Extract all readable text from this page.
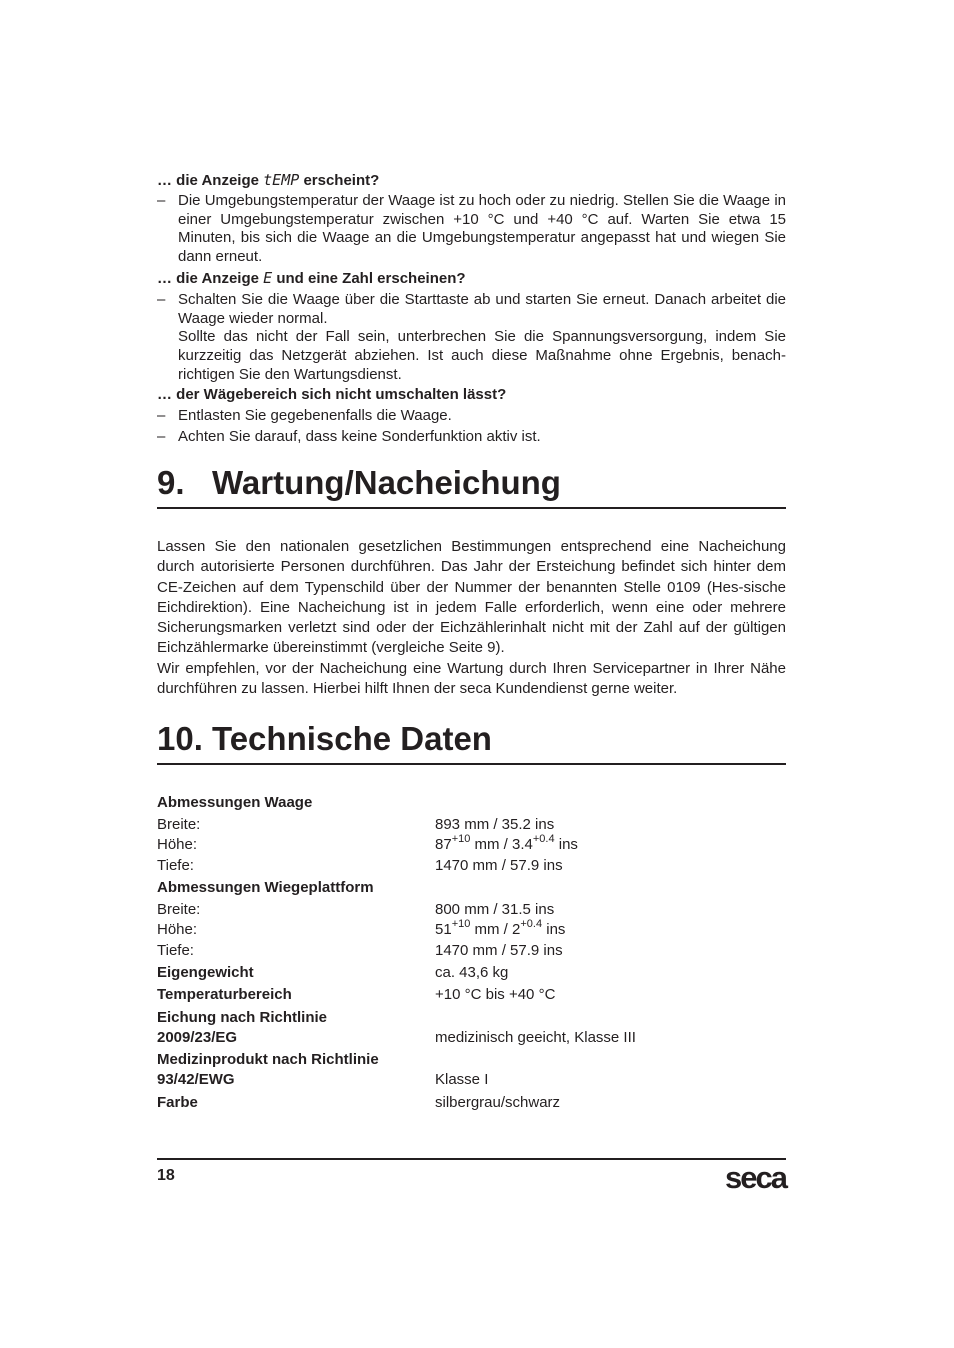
… die Anzeige tEMP erscheint?
– Die Umgebungstemperatur der Waage ist zu hoch oder zu niedrig. Stellen Sie die Waage in einer Umgebungstemperatur zwischen +10 °C und +40 °C auf. Warten Sie etwa 15 Minuten, bis sich die Waage an die Umgebungstemperatur angepasst hat und wiegen Sie dann erneut.

… die Anzeige E und eine Zahl erscheinen?
– Schalten Sie die Waage über die Starttaste ab und starten Sie erneut. Danach arbeitet die Waage wieder normal.

Sollte das nicht der Fall sein, unterbrechen Sie die Spannungsversorgung, indem Sie kurzzeitig das Netzgerät abziehen. Ist auch diese Maßnahme ohne Ergebnis, benach-richtigen Sie den Wartungsdienst.

… der Wägebereich sich nicht umschalten lässt?
– Entlasten Sie gegebenenfalls die Waage.

– Achten Sie darauf, dass keine Sonderfunktion aktiv ist.

9. Wartung/Nacheichung

Lassen Sie den nationalen gesetzlichen Bestimmungen entsprechend eine Nacheichung durch autorisierte Personen durchführen. Das Jahr der Ersteichung befindet sich hinter dem CE-Zeichen auf dem Typenschild über der Nummer der benannten Stelle 0109 (Hes-sische Eichdirektion). Eine Nacheichung ist in jedem Falle erforderlich, wenn eine oder mehrere Sicherungsmarken verletzt sind oder der Eichzählerinhalt nicht mit der Zahl auf der gültigen Eichzählermarke übereinstimmt (vergleiche Seite 9).

Wir empfehlen, vor der Nacheichung eine Wartung durch Ihren Servicepartner in Ihrer Nähe durchführen zu lassen. Hierbei hilft Ihnen der seca Kundendienst gerne weiter.

10. Technische Daten
Abmessungen Waage
Breite:	893 mm / 35.2 ins
Höhe:	$87^{+10}$ mm / $3.4^{+0.4}$ ins
Tiefe:	1470 mm / 57.9 ins
Abmessungen Wiegeplattform
Breite:	800 mm / 31.5 ins
Höhe:	$51^{+10}$ mm / $2^{+0.4}$ ins
Tiefe:	1470 mm / 57.9 ins
Eigengewicht	ca. 43,6 kg
Temperaturbereich	+10 °C bis +40 °C
Eichung nach Richtlinie
2009/23/EG	medizinisch geeicht, Klasse III
Medizinprodukt nach Richtlinie
93/42/EWG	Klasse I
Farbe	silbergrau/schwarz
18	seca
